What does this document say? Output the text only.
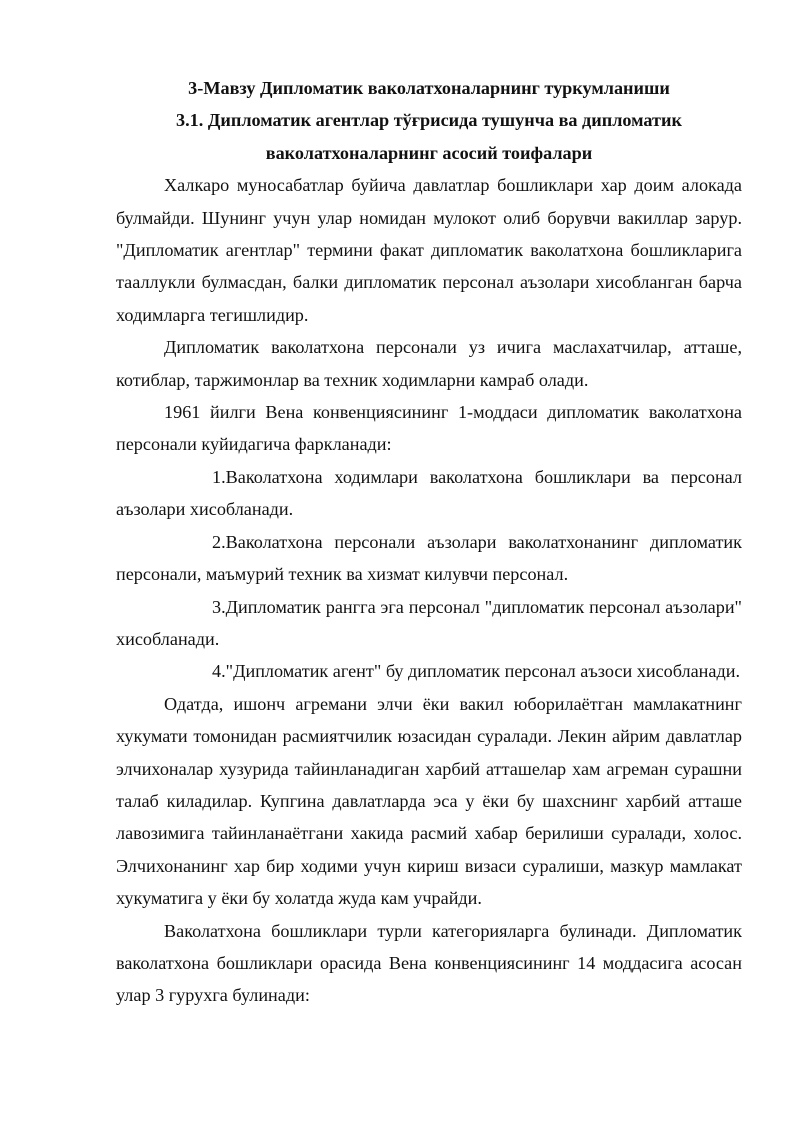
3-Мавзу Дипломатик ваколатхоналарнинг туркумланиши

3.1. Дипломатик агентлар тўғрисида тушунча ва дипломатик ваколатхоналарнинг асосий тоифалари

Халкаро муносабатлар буйича давлатлар бошликлари хар доим алокада булмайди. Шунинг учун улар номидан мулокот олиб борувчи вакиллар зарур. "Дипломатик агентлар" термини факат дипломатик ваколатхона бошликларига тааллукли булмасдан, балки дипломатик персонал аъзолари хисобланган барча ходимларга тегишлидир.

Дипломатик ваколатхона персонали уз ичига маслахатчилар, атташе, котиблар, таржимонлар ва техник ходимларни камраб олади.

1961 йилги Вена конвенциясининг 1-моддаси дипломатик ваколатхона персонали куйидагича фаркланади:

1.Ваколатхона ходимлари ваколатхона бошликлари ва персонал аъзолари хисобланади.

2.Ваколатхона персонали аъзолари ваколатхонанинг дипломатик персонали, маъмурий техник ва хизмат килувчи персонал.

3.Дипломатик рангга эга персонал "дипломатик персонал аъзолари" хисобланади.

4."Дипломатик агент" бу дипломатик персонал аъзоси хисобланади.

Одатда, ишонч агремани элчи ёки вакил юборилаётган мамлакатнинг хукумати томонидан расмиятчилик юзасидан суралади. Лекин айрим давлатлар элчихоналар хузурида тайинланадиган харбий атташелар хам агреман сурашни талаб киладилар. Купгина давлатларда эса у ёки бу шахснинг харбий атташе лавозимига тайинланаётгани хакида расмий хабар берилиши суралади, холос. Элчихонанинг хар бир ходими учун кириш визаси суралиши, мазкур мамлакат хукуматига у ёки бу холатда жуда кам учрайди.

Ваколатхона бошликлари турли категорияларга булинади. Дипломатик ваколатхона бошликлари орасида Вена конвенциясининг 14 моддасига асосан улар 3 гурухга булинади:
